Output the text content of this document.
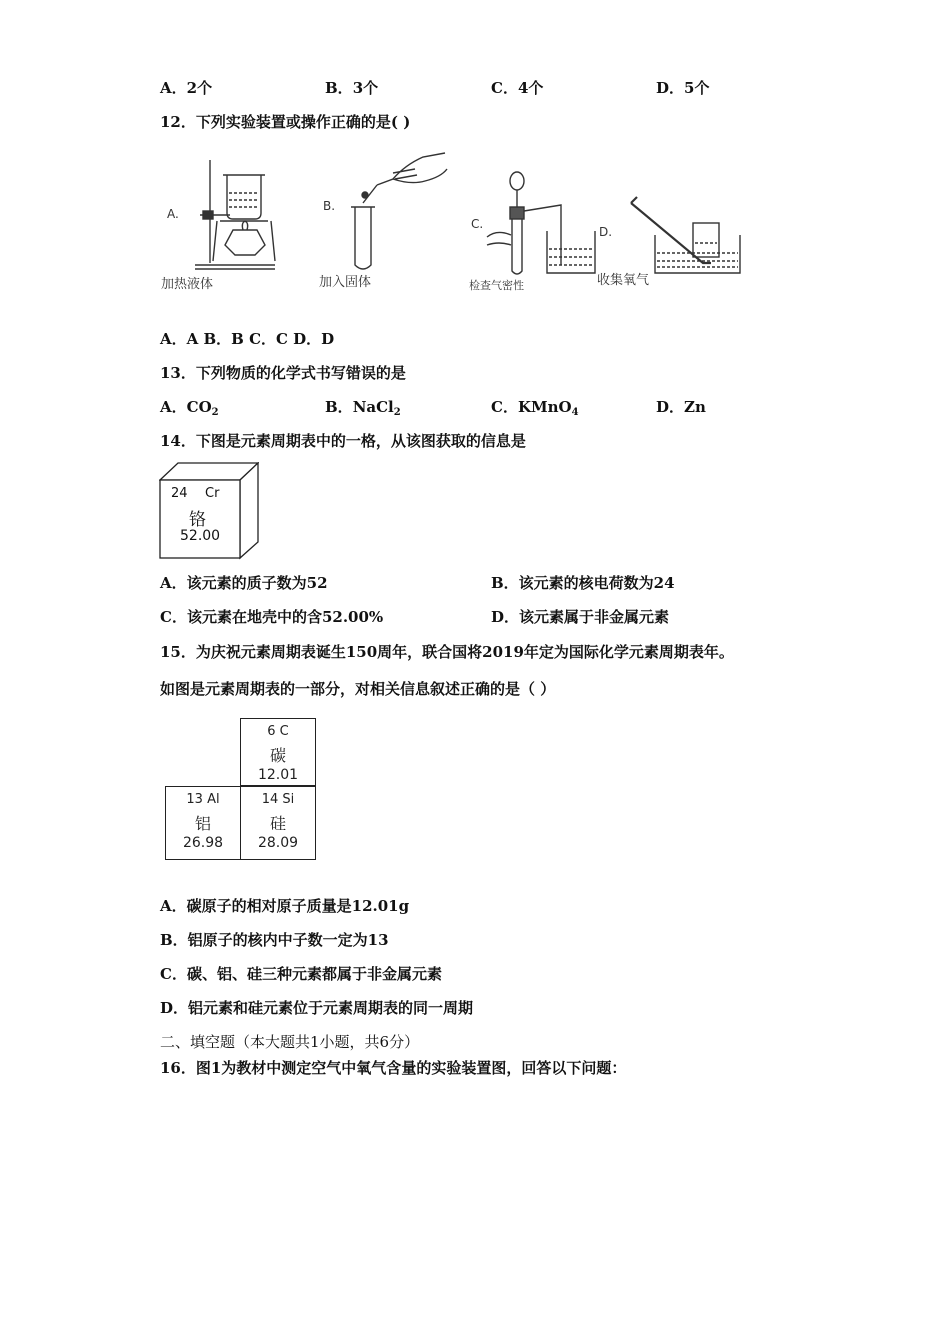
A．2个	B．3个	C．4个	D．5个
12．下列实验装置或操作正确的是( )
A.
加热液体
B.
加入固体
C.
检查气密性
D.
收集氧气
A．A B．B C．C D．D
13．下列物质的化学式书写错误的是
A．$CO_2$	B．NaCl$_2$	C．KMnO$_4$	D．Zn
14．下图是元素周期表中的一格，从该图获取的信息是
24 Cr
铬
52.00
A．该元素的质子数为52	B．该元素的核电荷数为24
C．该元素在地壳中的含52.00%	D．该元素属于非金属元素
15．为庆祝元素周期表诞生150周年，联合国将2019年定为国际化学元素周期表年。
如图是元素周期表的一部分，对相关信息叙述正确的是（ ）
6 C
碳
12.01
13 Al
铝
26.98
14 Si
硅
28.09
A．碳原子的相对原子质量是12.01g
B．铝原子的核内中子数一定为13
C．碳、铝、硅三种元素都属于非金属元素
D．铝元素和硅元素位于元素周期表的同一周期
二、填空题（本大题共1小题，共6分）
16．图1为教材中测定空气中氧气含量的实验装置图，回答以下问题：
